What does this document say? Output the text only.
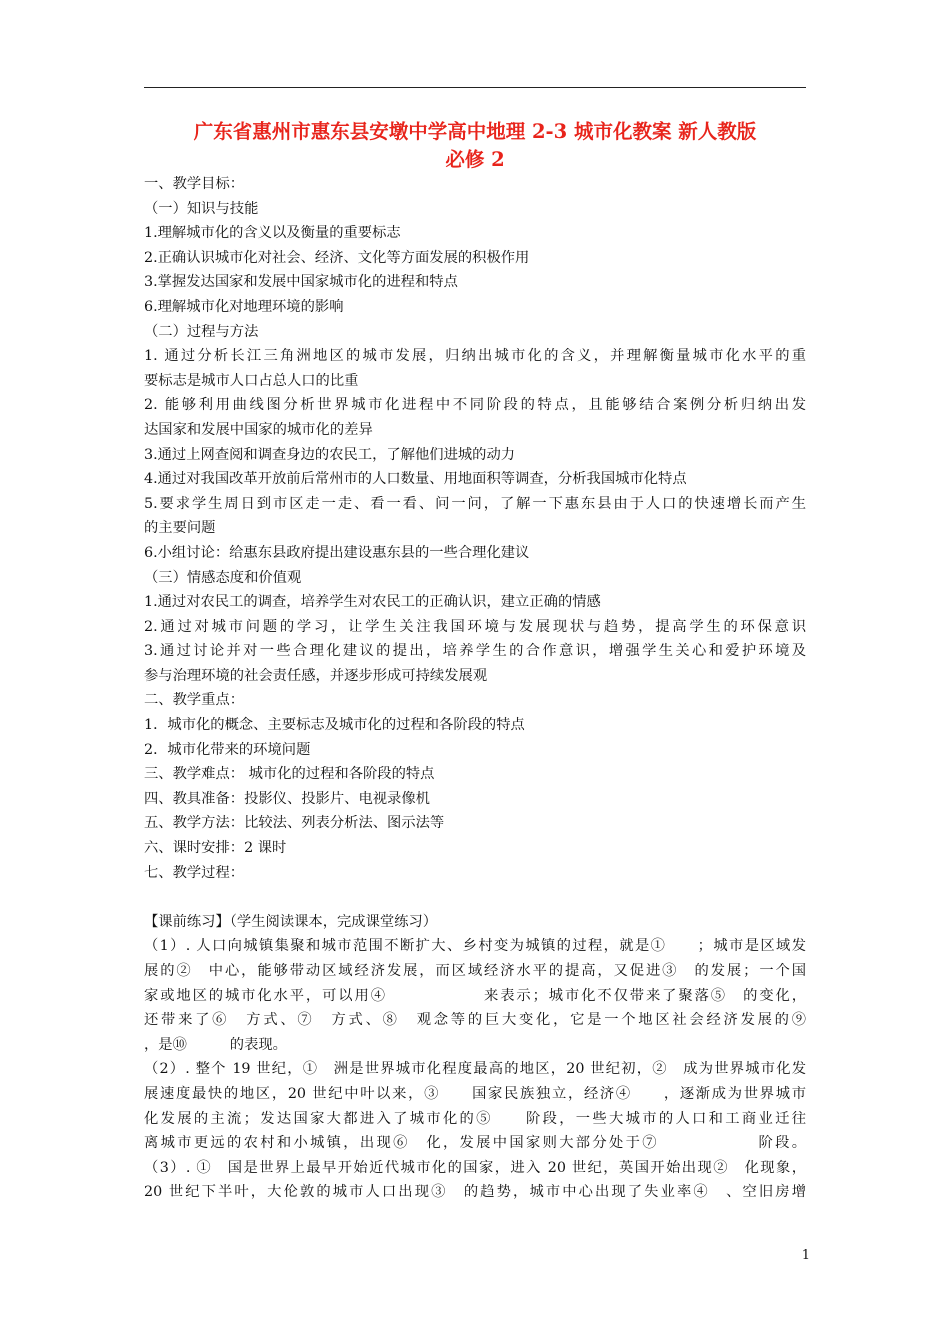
广东省惠州市惠东县安墩中学高中地理 2-3 城市化教案 新人教版
必修 2

一、教学目标：

（一）知识与技能

1.理解城市化的含义以及衡量的重要标志

2.正确认识城市化对社会、经济、文化等方面发展的积极作用

3.掌握发达国家和发展中国家城市化的进程和特点

6.理解城市化对地理环境的影响

（二）过程与方法

1. 通过分析长江三角洲地区的城市发展，归纳出城市化的含义，并理解衡量城市化水平的重

要标志是城市人口占总人口的比重

2. 能够利用曲线图分析世界城市化进程中不同阶段的特点，且能够结合案例分析归纳出发

达国家和发展中国家的城市化的差异

3.通过上网查阅和调查身边的农民工，了解他们进城的动力

4.通过对我国改革开放前后常州市的人口数量、用地面积等调查，分析我国城市化特点

5.要求学生周日到市区走一走、看一看、问一问，了解一下惠东县由于人口的快速增长而产生

的主要问题

6.小组讨论：给惠东县政府提出建设惠东县的一些合理化建议

（三）情感态度和价值观

1.通过对农民工的调查，培养学生对农民工的正确认识，建立正确的情感

2.通过对城市问题的学习，让学生关注我国环境与发展现状与趋势，提高学生的环保意识

3.通过讨论并对一些合理化建议的提出，培养学生的合作意识，增强学生关心和爱护环境及

参与治理环境的社会责任感，并逐步形成可持续发展观

二、教学重点：

1．城市化的概念、主要标志及城市化的过程和各阶段的特点

2．城市化带来的环境问题

三、教学难点： 城市化的过程和各阶段的特点

四、教具准备：投影仪、投影片、电视录像机

五、教学方法：比较法、列表分析法、图示法等

六、课时安排：2 课时

七、教学过程：

【课前练习】（学生阅读课本，完成课堂练习）

（1）. 人口向城镇集聚和城市范围不断扩大、乡村变为城镇的过程，就是①　　；城市是区域发

展的②　中心，能够带动区域经济发展，而区域经济水平的提高，又促进③　的发展；一个国

家或地区的城市化水平，可以用④　　　　　　来表示；城市化不仅带来了聚落⑤　的变化，

还带来了⑥　方式、⑦　方式、⑧　观念等的巨大变化，它是一个地区社会经济发展的⑨

，是⑩　　　的表现。

（2）. 整个 19 世纪，①　洲是世界城市化程度最高的地区，20 世纪初，②　成为世界城市化发

展速度最快的地区，20 世纪中叶以来，③　　国家民族独立，经济④　　，逐渐成为世界城市

化发展的主流；发达国家大都进入了城市化的⑤　　阶段，一些大城市的人口和工商业迁往

离城市更远的农村和小城镇，出现⑥　化，发展中国家则大部分处于⑦　　　　　　阶段。

（3）. ①　国是世界上最早开始近代城市化的国家，进入 20 世纪，英国开始出现②　化现象，

20 世纪下半叶，大伦敦的城市人口出现③　的趋势，城市中心出现了失业率④　、空旧房增

1
